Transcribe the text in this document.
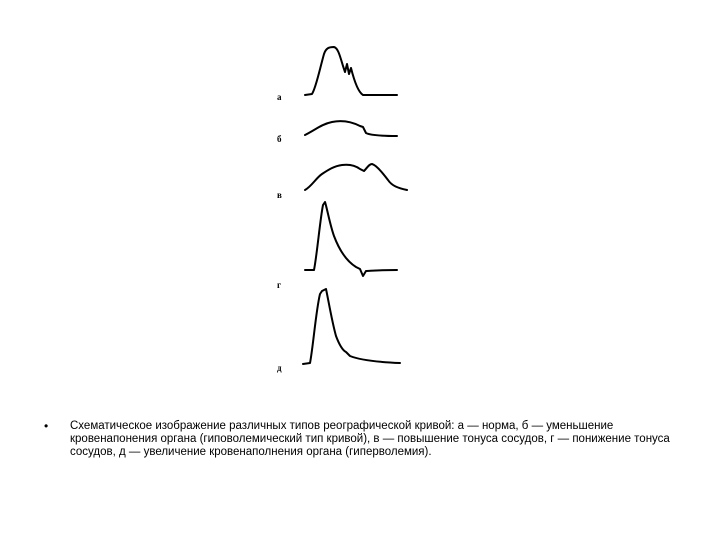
а
б
в
г
д
• Схематическое изображение различных типов реографической кривой: а — норма, б — уменьшение кровенапонения органа (гиповолемический тип кривой), в — повышение тонуса сосудов, г — понижение тонуса сосудов, д — увеличение кровенаполнения органа (гиперволемия).
